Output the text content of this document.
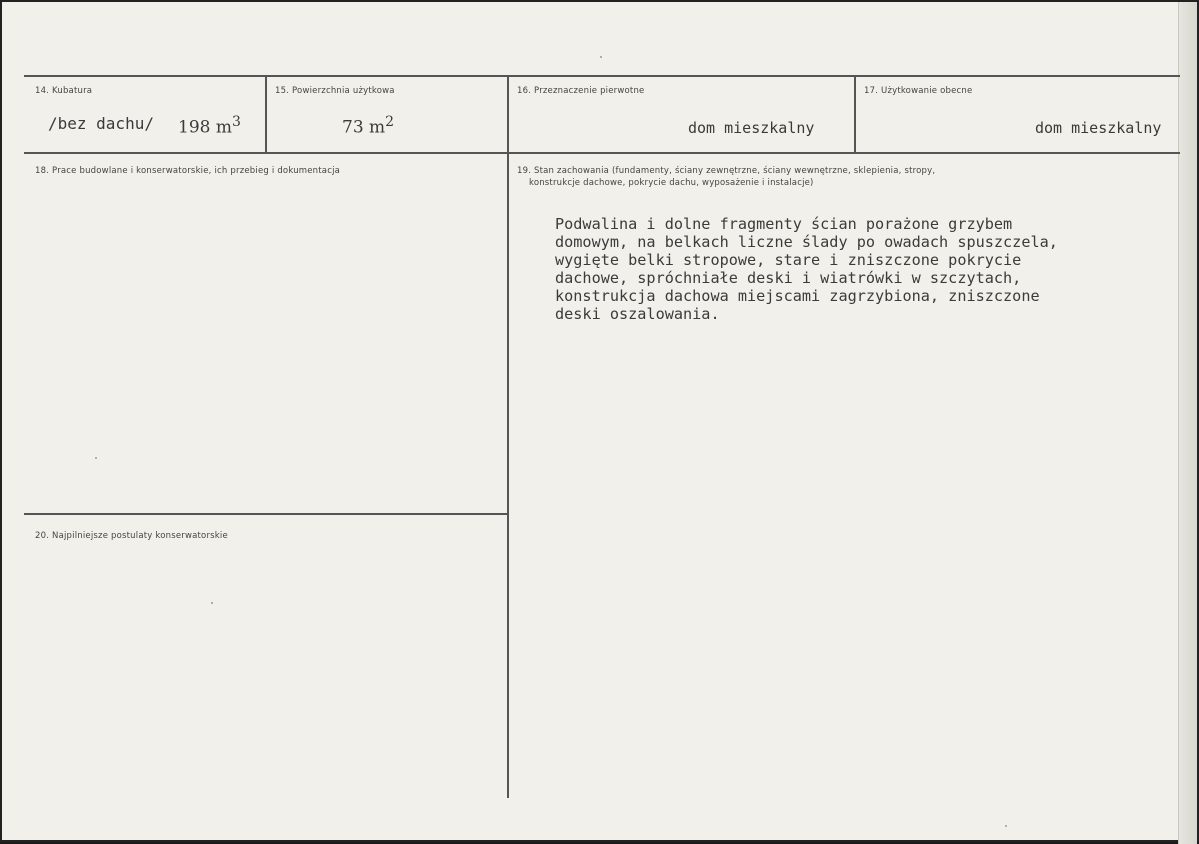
14. Kubatura
/bez dachu/ 198 $m^3$
15. Powierzchnia użytkowa
73 $m^2$
16. Przeznaczenie pierwotne
dom mieszkalny
17. Użytkowanie obecne
dom mieszkalny
18. Prace budowlane i konserwatorskie, ich przebieg i dokumentacja	19. Stan zachowania (fundamenty, ściany zewnętrzne, ściany wewnętrzne, sklepienia, stropy,
konstrukcje dachowe, pokrycie dachu, wyposażenie i instalacje)
Podwalina i dolne fragmenty ścian porażone grzybem
domowym, na belkach liczne ślady po owadach spuszczela,
wygięte belki stropowe, stare i zniszczone pokrycie
dachowe, spróchniałe deski i wiatrówki w szczytach,
konstrukcja dachowa miejscami zagrzybiona, zniszczone
deski oszalowania.
20. Najpilniejsze postulaty konserwatorskie
